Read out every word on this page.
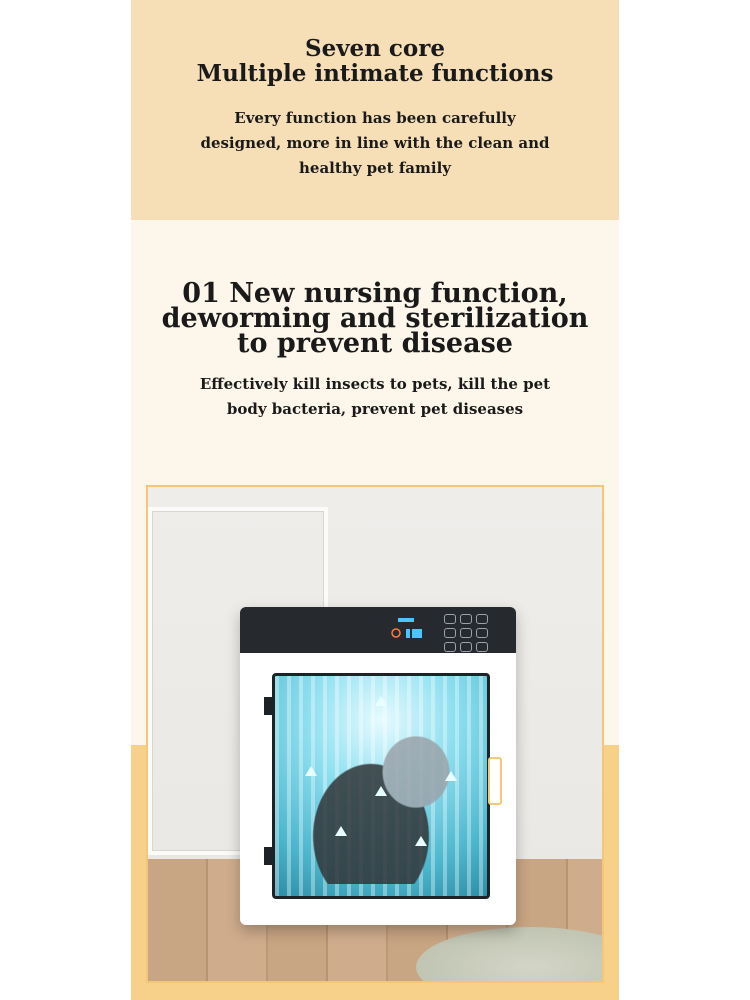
Seven core
Multiple intimate functions
Every function has been carefully
designed, more in line with the clean and
healthy pet family
01 New nursing function,
deworming and sterilization
to prevent disease
Effectively kill insects to pets, kill the pet
body bacteria, prevent pet diseases
